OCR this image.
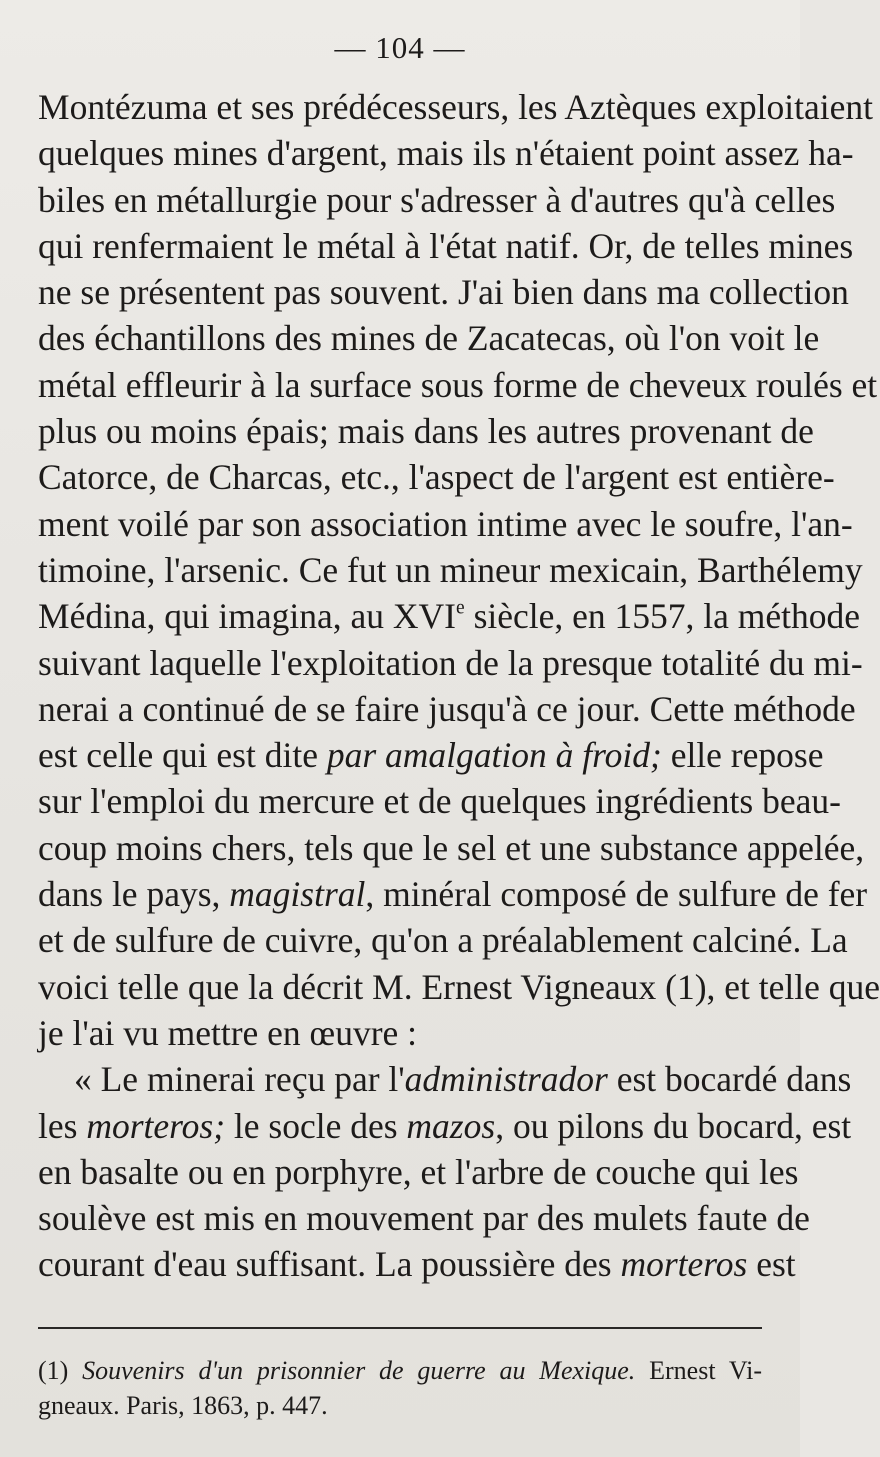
— 104 —
Montézuma et ses prédécesseurs, les Aztèques exploitaient
quelques mines d'argent, mais ils n'étaient point assez ha-
biles en métallurgie pour s'adresser à d'autres qu'à celles
qui renfermaient le métal à l'état natif. Or, de telles mines
ne se présentent pas souvent. J'ai bien dans ma collection
des échantillons des mines de Zacatecas, où l'on voit le
métal effleurir à la surface sous forme de cheveux roulés et
plus ou moins épais; mais dans les autres provenant de
Catorce, de Charcas, etc., l'aspect de l'argent est entière-
ment voilé par son association intime avec le soufre, l'an-
timoine, l'arsenic. Ce fut un mineur mexicain, Barthélemy
Médina, qui imagina, au XVIe siècle, en 1557, la méthode
suivant laquelle l'exploitation de la presque totalité du mi-
nerai a continué de se faire jusqu'à ce jour. Cette méthode
est celle qui est dite par amalgation à froid; elle repose
sur l'emploi du mercure et de quelques ingrédients beau-
coup moins chers, tels que le sel et une substance appelée,
dans le pays, magistral, minéral composé de sulfure de fer
et de sulfure de cuivre, qu'on a préalablement calciné. La
voici telle que la décrit M. Ernest Vigneaux (1), et telle que
je l'ai vu mettre en œuvre :
« Le minerai reçu par l'administrador est bocardé dans
les morteros; le socle des mazos, ou pilons du bocard, est
en basalte ou en porphyre, et l'arbre de couche qui les
soulève est mis en mouvement par des mulets faute de
courant d'eau suffisant. La poussière des morteros est
(1) Souvenirs d'un prisonnier de guerre au Mexique. Ernest Vi-
gneaux. Paris, 1863, p. 447.
